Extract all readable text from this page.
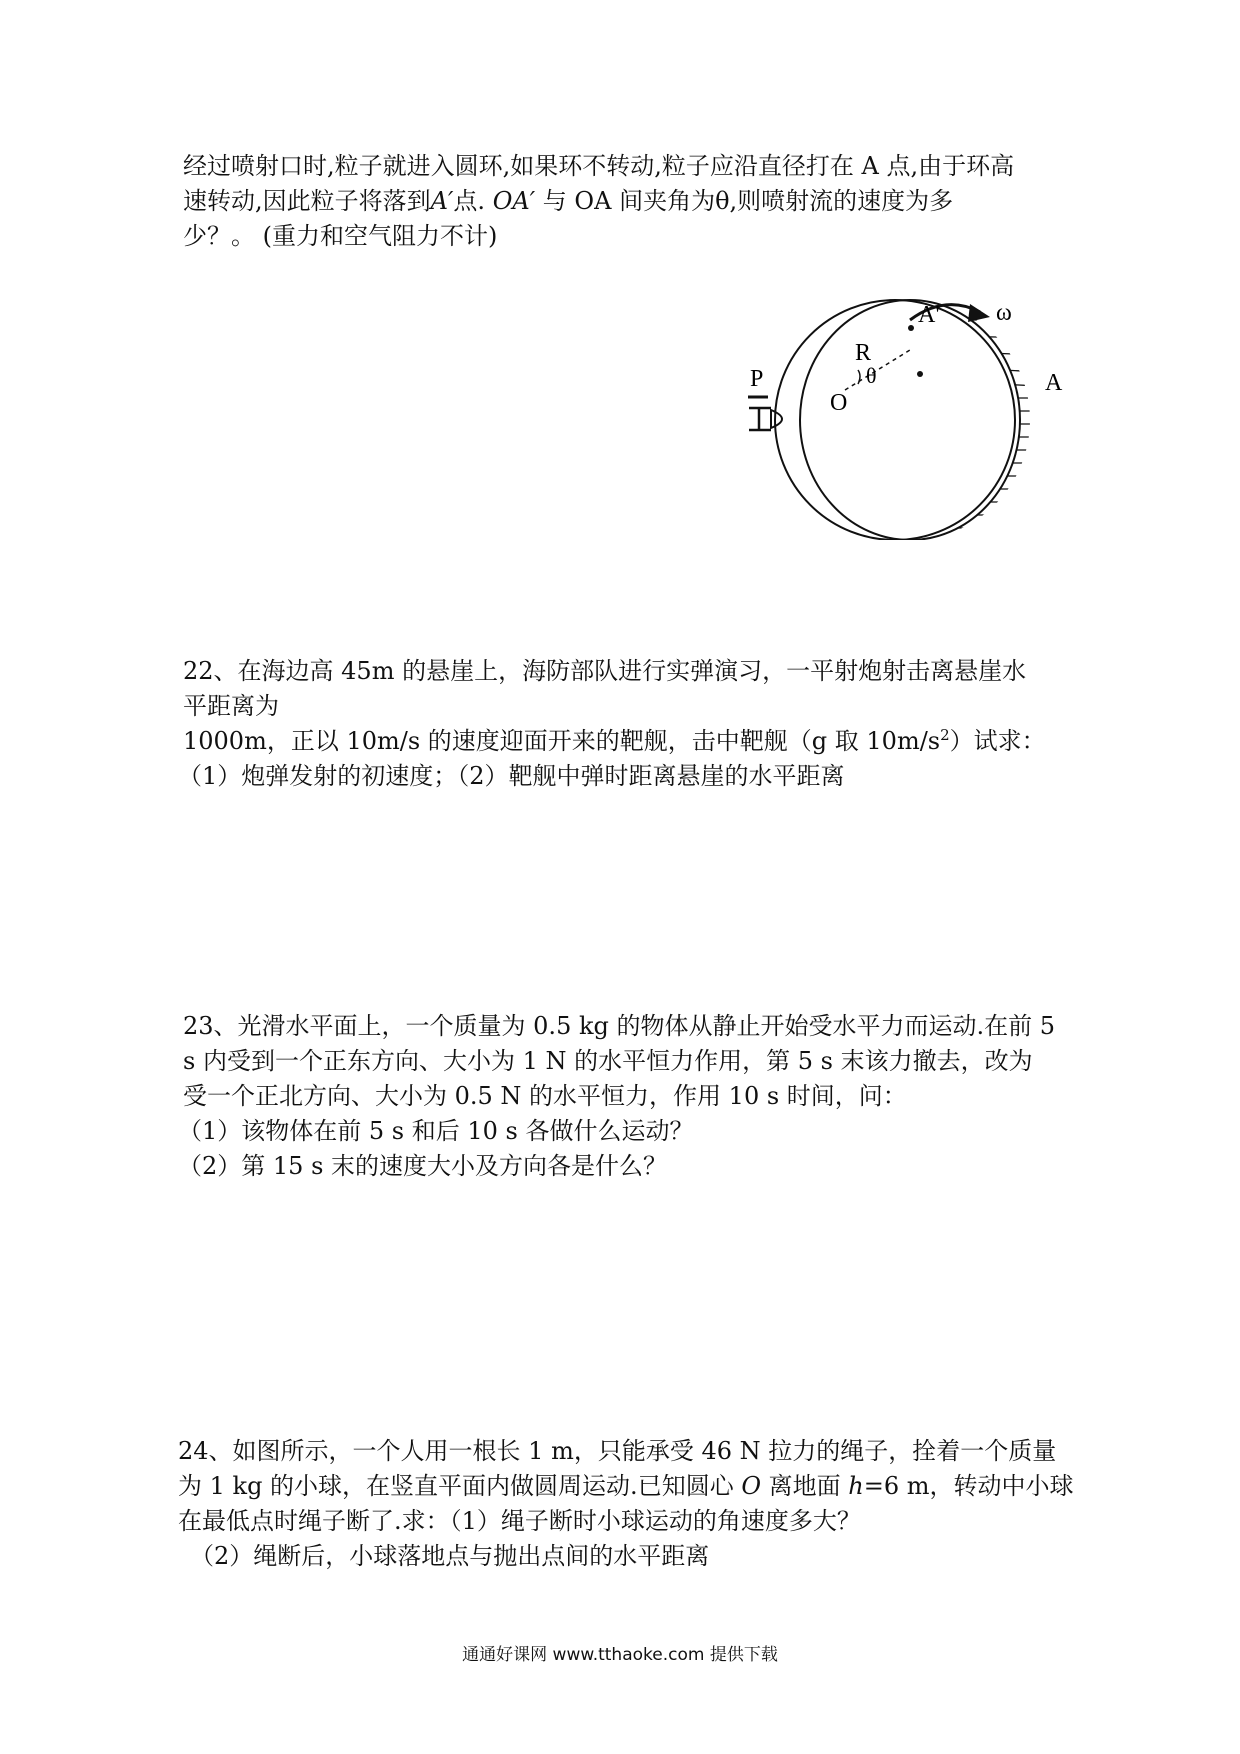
经过喷射口时,粒子就进入圆环,如果环不转动,粒子应沿直径打在 A 点,由于环高
速转动,因此粒子将落到A′点. OA′ 与 OA 间夹角为θ,则喷射流的速度为多
少？。 (重力和空气阻力不计)
ω
A'
R
θ
O
A
P
22、在海边高 45m 的悬崖上，海防部队进行实弹演习，一平射炮射击离悬崖水
平距离为
1000m，正以 10m/s 的速度迎面开来的靶舰，击中靶舰（g 取 $10m/s^2$）试求：
（1）炮弹发射的初速度；（2）靶舰中弹时距离悬崖的水平距离
23、光滑水平面上，一个质量为 0.5 kg 的物体从静止开始受水平力而运动.在前 5
s 内受到一个正东方向、大小为 1 N 的水平恒力作用，第 5 s 末该力撤去，改为
受一个正北方向、大小为 0.5 N 的水平恒力，作用 10 s 时间，问：
（1）该物体在前 5 s 和后 10 s 各做什么运动？
（2）第 15 s 末的速度大小及方向各是什么？
24、如图所示，一个人用一根长 1 m，只能承受 46 N 拉力的绳子，拴着一个质量
为 1 kg 的小球，在竖直平面内做圆周运动.已知圆心 O 离地面 h=6 m，转动中小球
在最低点时绳子断了.求：（1）绳子断时小球运动的角速度多大？
（2）绳断后，小球落地点与抛出点间的水平距离
通通好课网 www.tthaoke.com 提供下载
